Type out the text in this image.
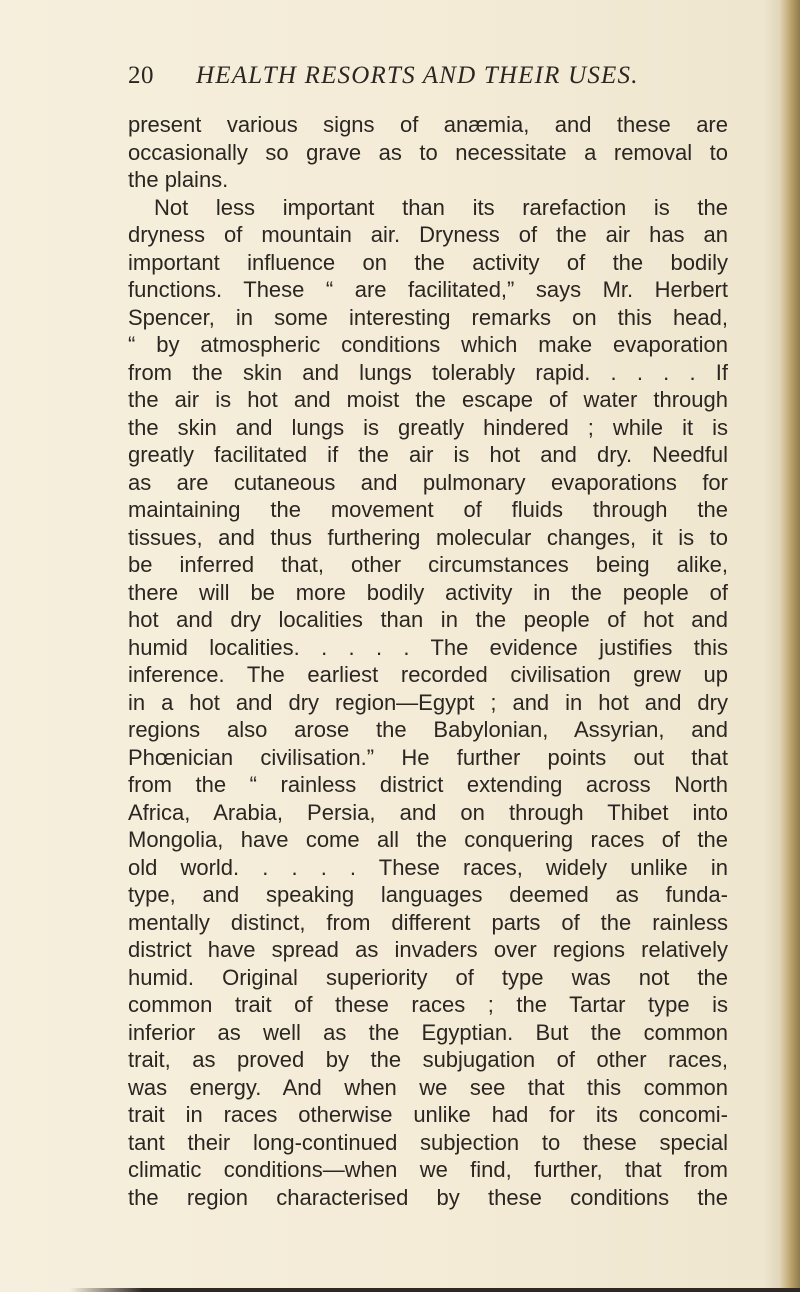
20 HEALTH RESORTS AND THEIR USES.
present various signs of anæmia, and these are
occasionally so grave as to necessitate a removal to
the plains.
Not less important than its rarefaction is the
dryness of mountain air. Dryness of the air has an
important influence on the activity of the bodily
functions. These “ are facilitated,” says Mr. Herbert
Spencer, in some interesting remarks on this head,
“ by atmospheric conditions which make evaporation
from the skin and lungs tolerably rapid. . . . . If
the air is hot and moist the escape of water through
the skin and lungs is greatly hindered ; while it is
greatly facilitated if the air is hot and dry. Needful
as are cutaneous and pulmonary evaporations for
maintaining the movement of fluids through the
tissues, and thus furthering molecular changes, it is to
be inferred that, other circumstances being alike,
there will be more bodily activity in the people of
hot and dry localities than in the people of hot and
humid localities. . . . . The evidence justifies this
inference. The earliest recorded civilisation grew up
in a hot and dry region—Egypt ; and in hot and dry
regions also arose the Babylonian, Assyrian, and
Phœnician civilisation.” He further points out that
from the “ rainless district extending across North
Africa, Arabia, Persia, and on through Thibet into
Mongolia, have come all the conquering races of the
old world. . . . . These races, widely unlike in
type, and speaking languages deemed as funda-
mentally distinct, from different parts of the rainless
district have spread as invaders over regions relatively
humid. Original superiority of type was not the
common trait of these races ; the Tartar type is
inferior as well as the Egyptian. But the common
trait, as proved by the subjugation of other races,
was energy. And when we see that this common
trait in races otherwise unlike had for its concomi-
tant their long-continued subjection to these special
climatic conditions—when we find, further, that from
the region characterised by these conditions the
